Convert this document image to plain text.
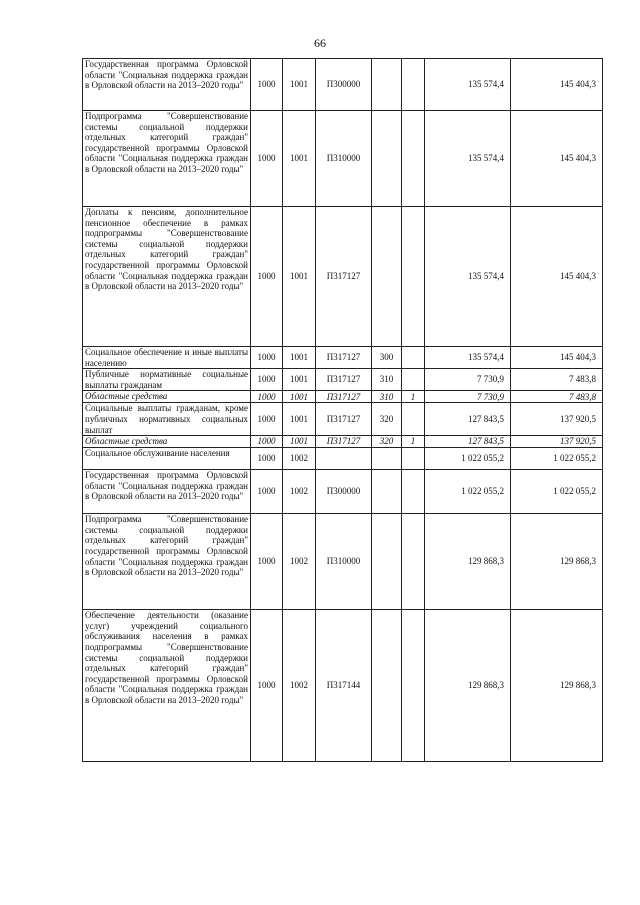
66
Государственная программа Орловской области "Социальная поддержка граждан в Орловской области на 2013–2020 годы"	1000	1001	П300000			135 574,4	145 404,3
Подпрограмма "Совершенствование системы социальной поддержки отдельных категорий граждан" государственной программы Орловской области "Социальная поддержка граждан в Орловской области на 2013–2020 годы"	1000	1001	П310000			135 574,4	145 404,3
Доплаты к пенсиям, дополнительное пенсионное обеспечение в рамках подпрограммы "Совершенствование системы социальной поддержки отдельных категорий граждан" государственной программы Орловской области "Социальная поддержка граждан в Орловской области на 2013–2020 годы"	1000	1001	П317127			135 574,4	145 404,3
Социальное обеспечение и иные выплаты населению	1000	1001	П317127	300		135 574,4	145 404,3
Публичные нормативные социальные выплаты гражданам	1000	1001	П317127	310		7 730,9	7 483,8
Областные средства	1000	1001	П317127	310	1	7 730,9	7 483,8
Социальные выплаты гражданам, кроме публичных нормативных социальных выплат	1000	1001	П317127	320		127 843,5	137 920,5
Областные средства	1000	1001	П317127	320	1	127 843,5	137 920,5
Социальное обслуживание населения	1000	1002				1 022 055,2	1 022 055,2
Государственная программа Орловской области "Социальная поддержка граждан в Орловской области на 2013–2020 годы"	1000	1002	П300000			1 022 055,2	1 022 055,2
Подпрограмма "Совершенствование системы социальной поддержки отдельных категорий граждан" государственной программы Орловской области "Социальная поддержка граждан в Орловской области на 2013–2020 годы"	1000	1002	П310000			129 868,3	129 868,3
Обеспечение деятельности (оказание услуг) учреждений социального обслуживания населения в рамках подпрограммы "Совершенствование системы социальной поддержки отдельных категорий граждан" государственной программы Орловской области "Социальная поддержка граждан в Орловской области на 2013–2020 годы"	1000	1002	П317144			129 868,3	129 868,3
